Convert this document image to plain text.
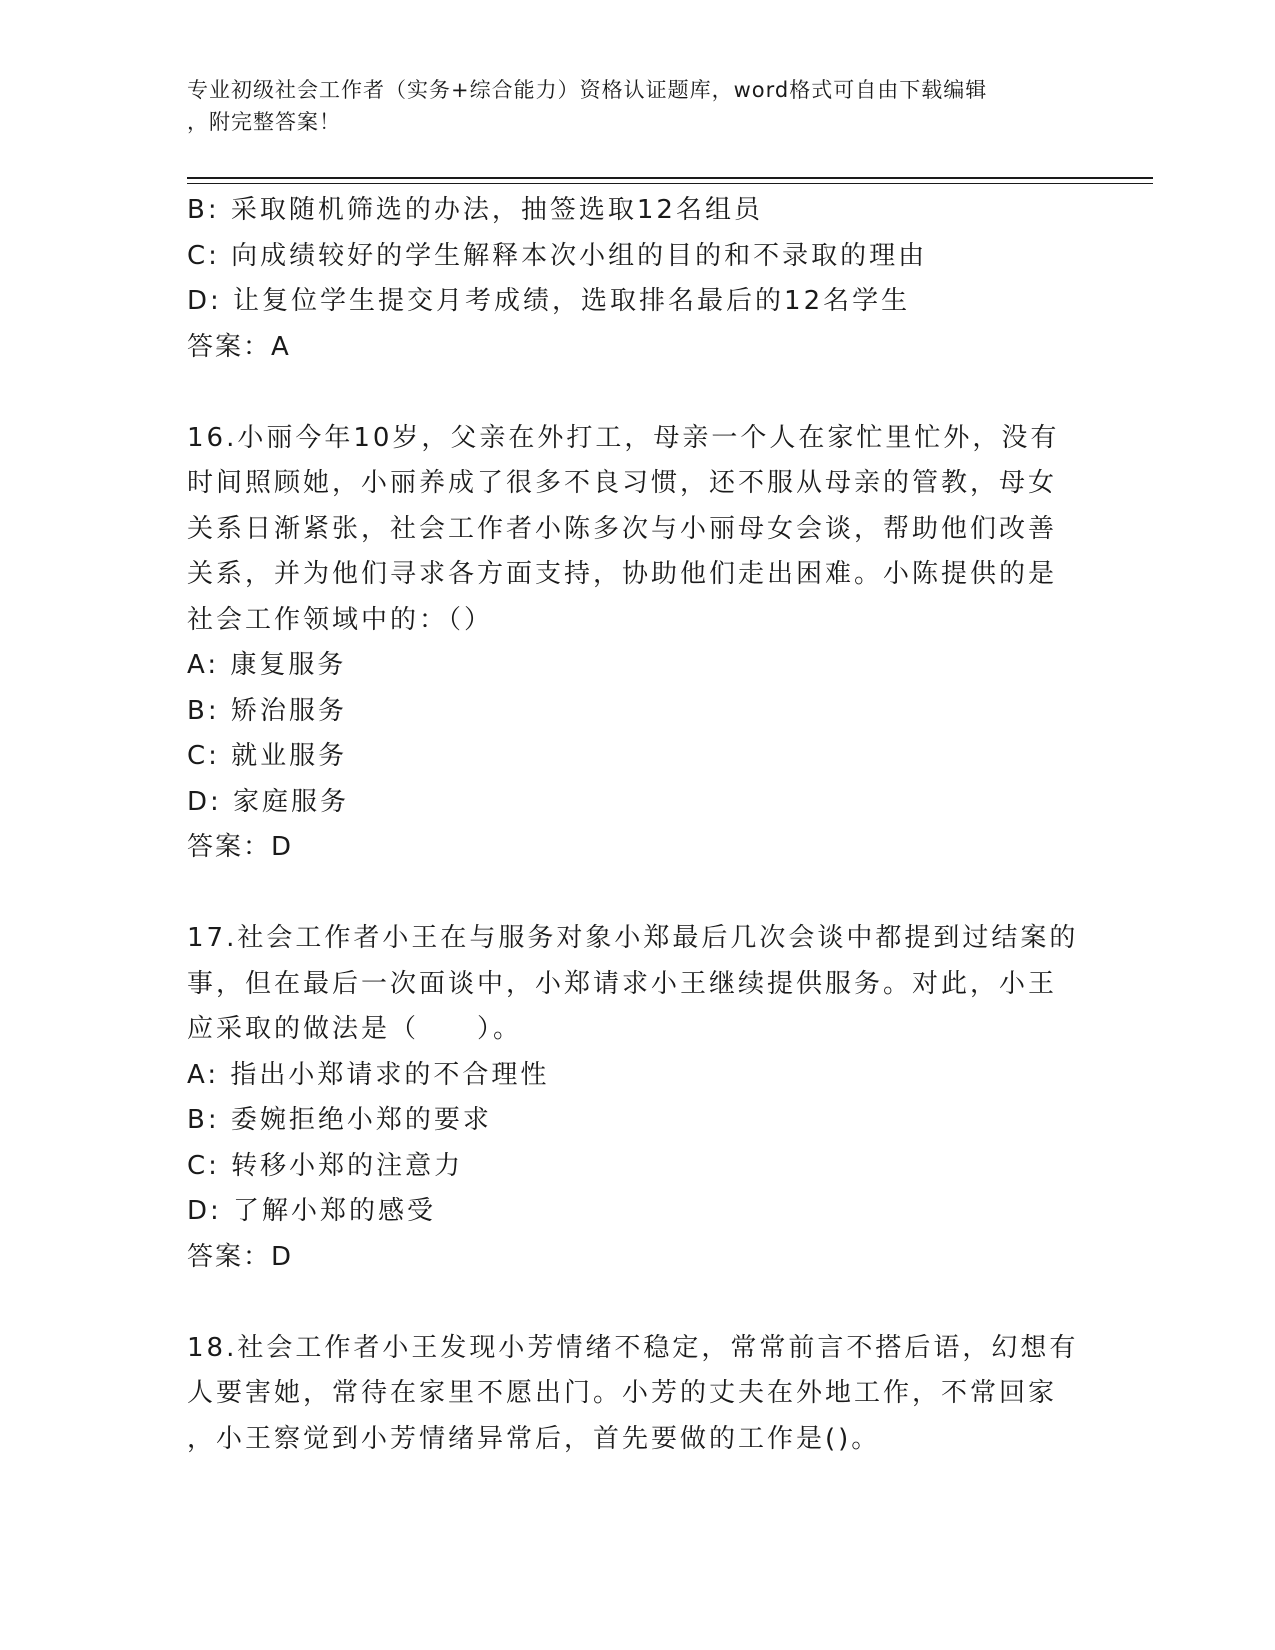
专业初级社会工作者（实务+综合能力）资格认证题库，word格式可自由下载编辑
，附完整答案！
B: 采取随机筛选的办法，抽签选取12名组员
C: 向成绩较好的学生解释本次小组的目的和不录取的理由
D: 让复位学生提交月考成绩，选取排名最后的12名学生
答案：A
16.小丽今年10岁，父亲在外打工，母亲一个人在家忙里忙外，没有
时间照顾她，小丽养成了很多不良习惯，还不服从母亲的管教，母女
关系日渐紧张，社会工作者小陈多次与小丽母女会谈，帮助他们改善
关系，并为他们寻求各方面支持，协助他们走出困难。小陈提供的是
社会工作领域中的：（）
A: 康复服务
B: 矫治服务
C: 就业服务
D: 家庭服务
答案：D
17.社会工作者小王在与服务对象小郑最后几次会谈中都提到过结案的
事，但在最后一次面谈中，小郑请求小王继续提供服务。对此，小王
应采取的做法是（　　）。
A: 指出小郑请求的不合理性
B: 委婉拒绝小郑的要求
C: 转移小郑的注意力
D: 了解小郑的感受
答案：D
18.社会工作者小王发现小芳情绪不稳定，常常前言不搭后语，幻想有
人要害她，常待在家里不愿出门。小芳的丈夫在外地工作，不常回家
，小王察觉到小芳情绪异常后，首先要做的工作是()。
